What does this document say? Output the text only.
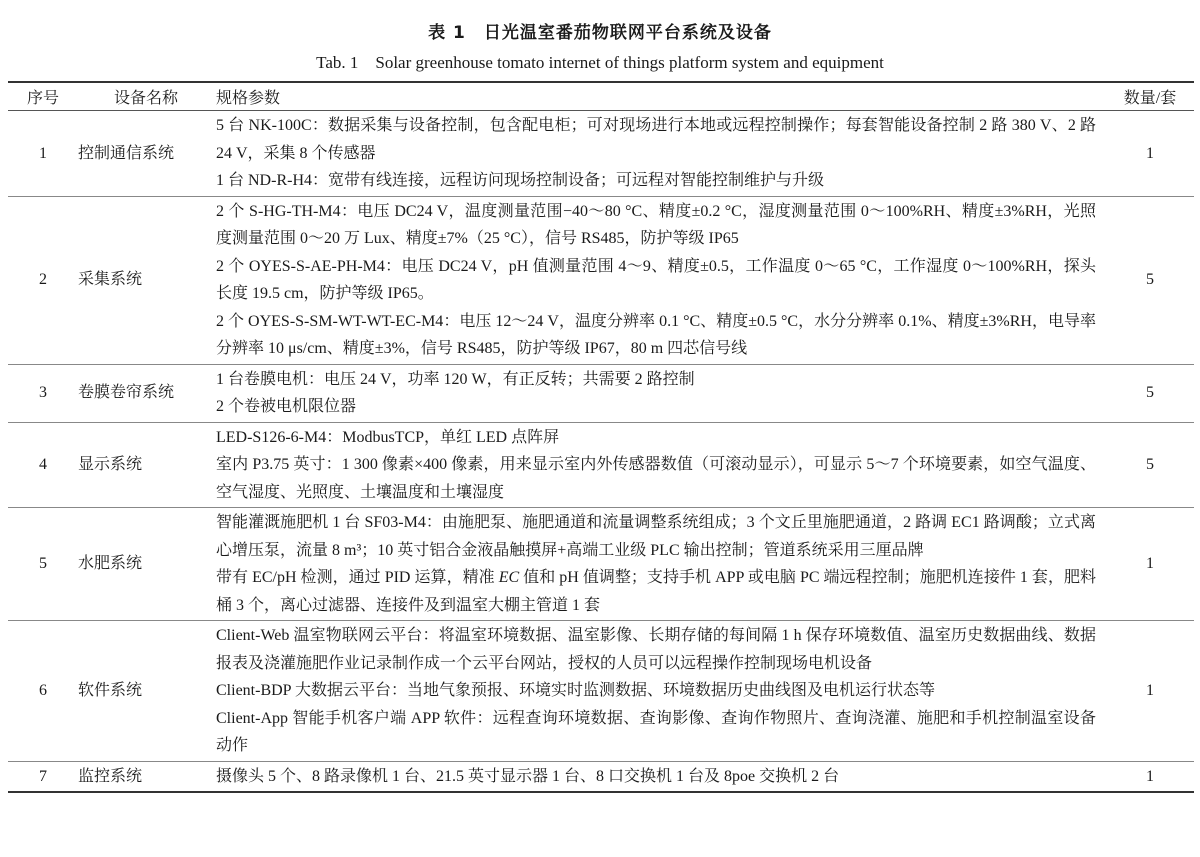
表 1　日光温室番茄物联网平台系统及设备
Tab. 1　Solar greenhouse tomato internet of things platform system and equipment
序号	设备名称	规格参数	数量/套
1	控制通信系统	5 台 NK-100C：数据采集与设备控制，包含配电柜；可对现场进行本地或远程控制操作；每套智能设备控制 2 路 380 V、2 路 24 V，采集 8 个传感器

1 台 ND-R-H4：宽带有线连接，远程访问现场控制设备；可远程对智能控制维护与升级	1
2	采集系统	2 个 S-HG-TH-M4：电压 DC24 V，温度测量范围−40～80 °C、精度±0.2 °C，湿度测量范围 0～100%RH、精度±3%RH，光照度测量范围 0～20 万 Lux、精度±7%（25 °C），信号 RS485，防护等级 IP65

2 个 OYES-S-AE-PH-M4：电压 DC24 V，pH 值测量范围 4～9、精度±0.5，工作温度 0～65 °C，工作湿度 0～100%RH，探头长度 19.5 cm，防护等级 IP65。

2 个 OYES-S-SM-WT-WT-EC-M4：电压 12～24 V，温度分辨率 0.1 °C、精度±0.5 °C，水分分辨率 0.1%、精度±3%RH，电导率分辨率 10 μs/cm、精度±3%，信号 RS485，防护等级 IP67，80 m 四芯信号线	5
3	卷膜卷帘系统	1 台卷膜电机：电压 24 V，功率 120 W，有正反转；共需要 2 路控制

2 个卷被电机限位器	5
4	显示系统	LED-S126-6-M4：ModbusTCP，单红 LED 点阵屏

室内 P3.75 英寸：1 300 像素×400 像素，用来显示室内外传感器数值（可滚动显示），可显示 5～7 个环境要素，如空气温度、空气湿度、光照度、土壤温度和土壤湿度	5
5	水肥系统	智能灌溉施肥机 1 台 SF03-M4：由施肥泵、施肥通道和流量调整系统组成；3 个文丘里施肥通道，2 路调 EC1 路调酸；立式离心增压泵，流量 8 m³；10 英寸铝合金液晶触摸屏+高端工业级 PLC 输出控制；管道系统采用三厘品牌

带有 EC/pH 检测，通过 PID 运算，精准 EC 值和 pH 值调整；支持手机 APP 或电脑 PC 端远程控制；施肥机连接件 1 套，肥料桶 3 个，离心过滤器、连接件及到温室大棚主管道 1 套	1
6	软件系统	Client-Web 温室物联网云平台：将温室环境数据、温室影像、长期存储的每间隔 1 h 保存环境数值、温室历史数据曲线、数据报表及浇灌施肥作业记录制作成一个云平台网站，授权的人员可以远程操作控制现场电机设备

Client-BDP 大数据云平台：当地气象预报、环境实时监测数据、环境数据历史曲线图及电机运行状态等

Client-App 智能手机客户端 APP 软件：远程查询环境数据、查询影像、查询作物照片、查询浇灌、施肥和手机控制温室设备动作	1
7	监控系统	摄像头 5 个、8 路录像机 1 台、21.5 英寸显示器 1 台、8 口交换机 1 台及 8poe 交换机 2 台	1
